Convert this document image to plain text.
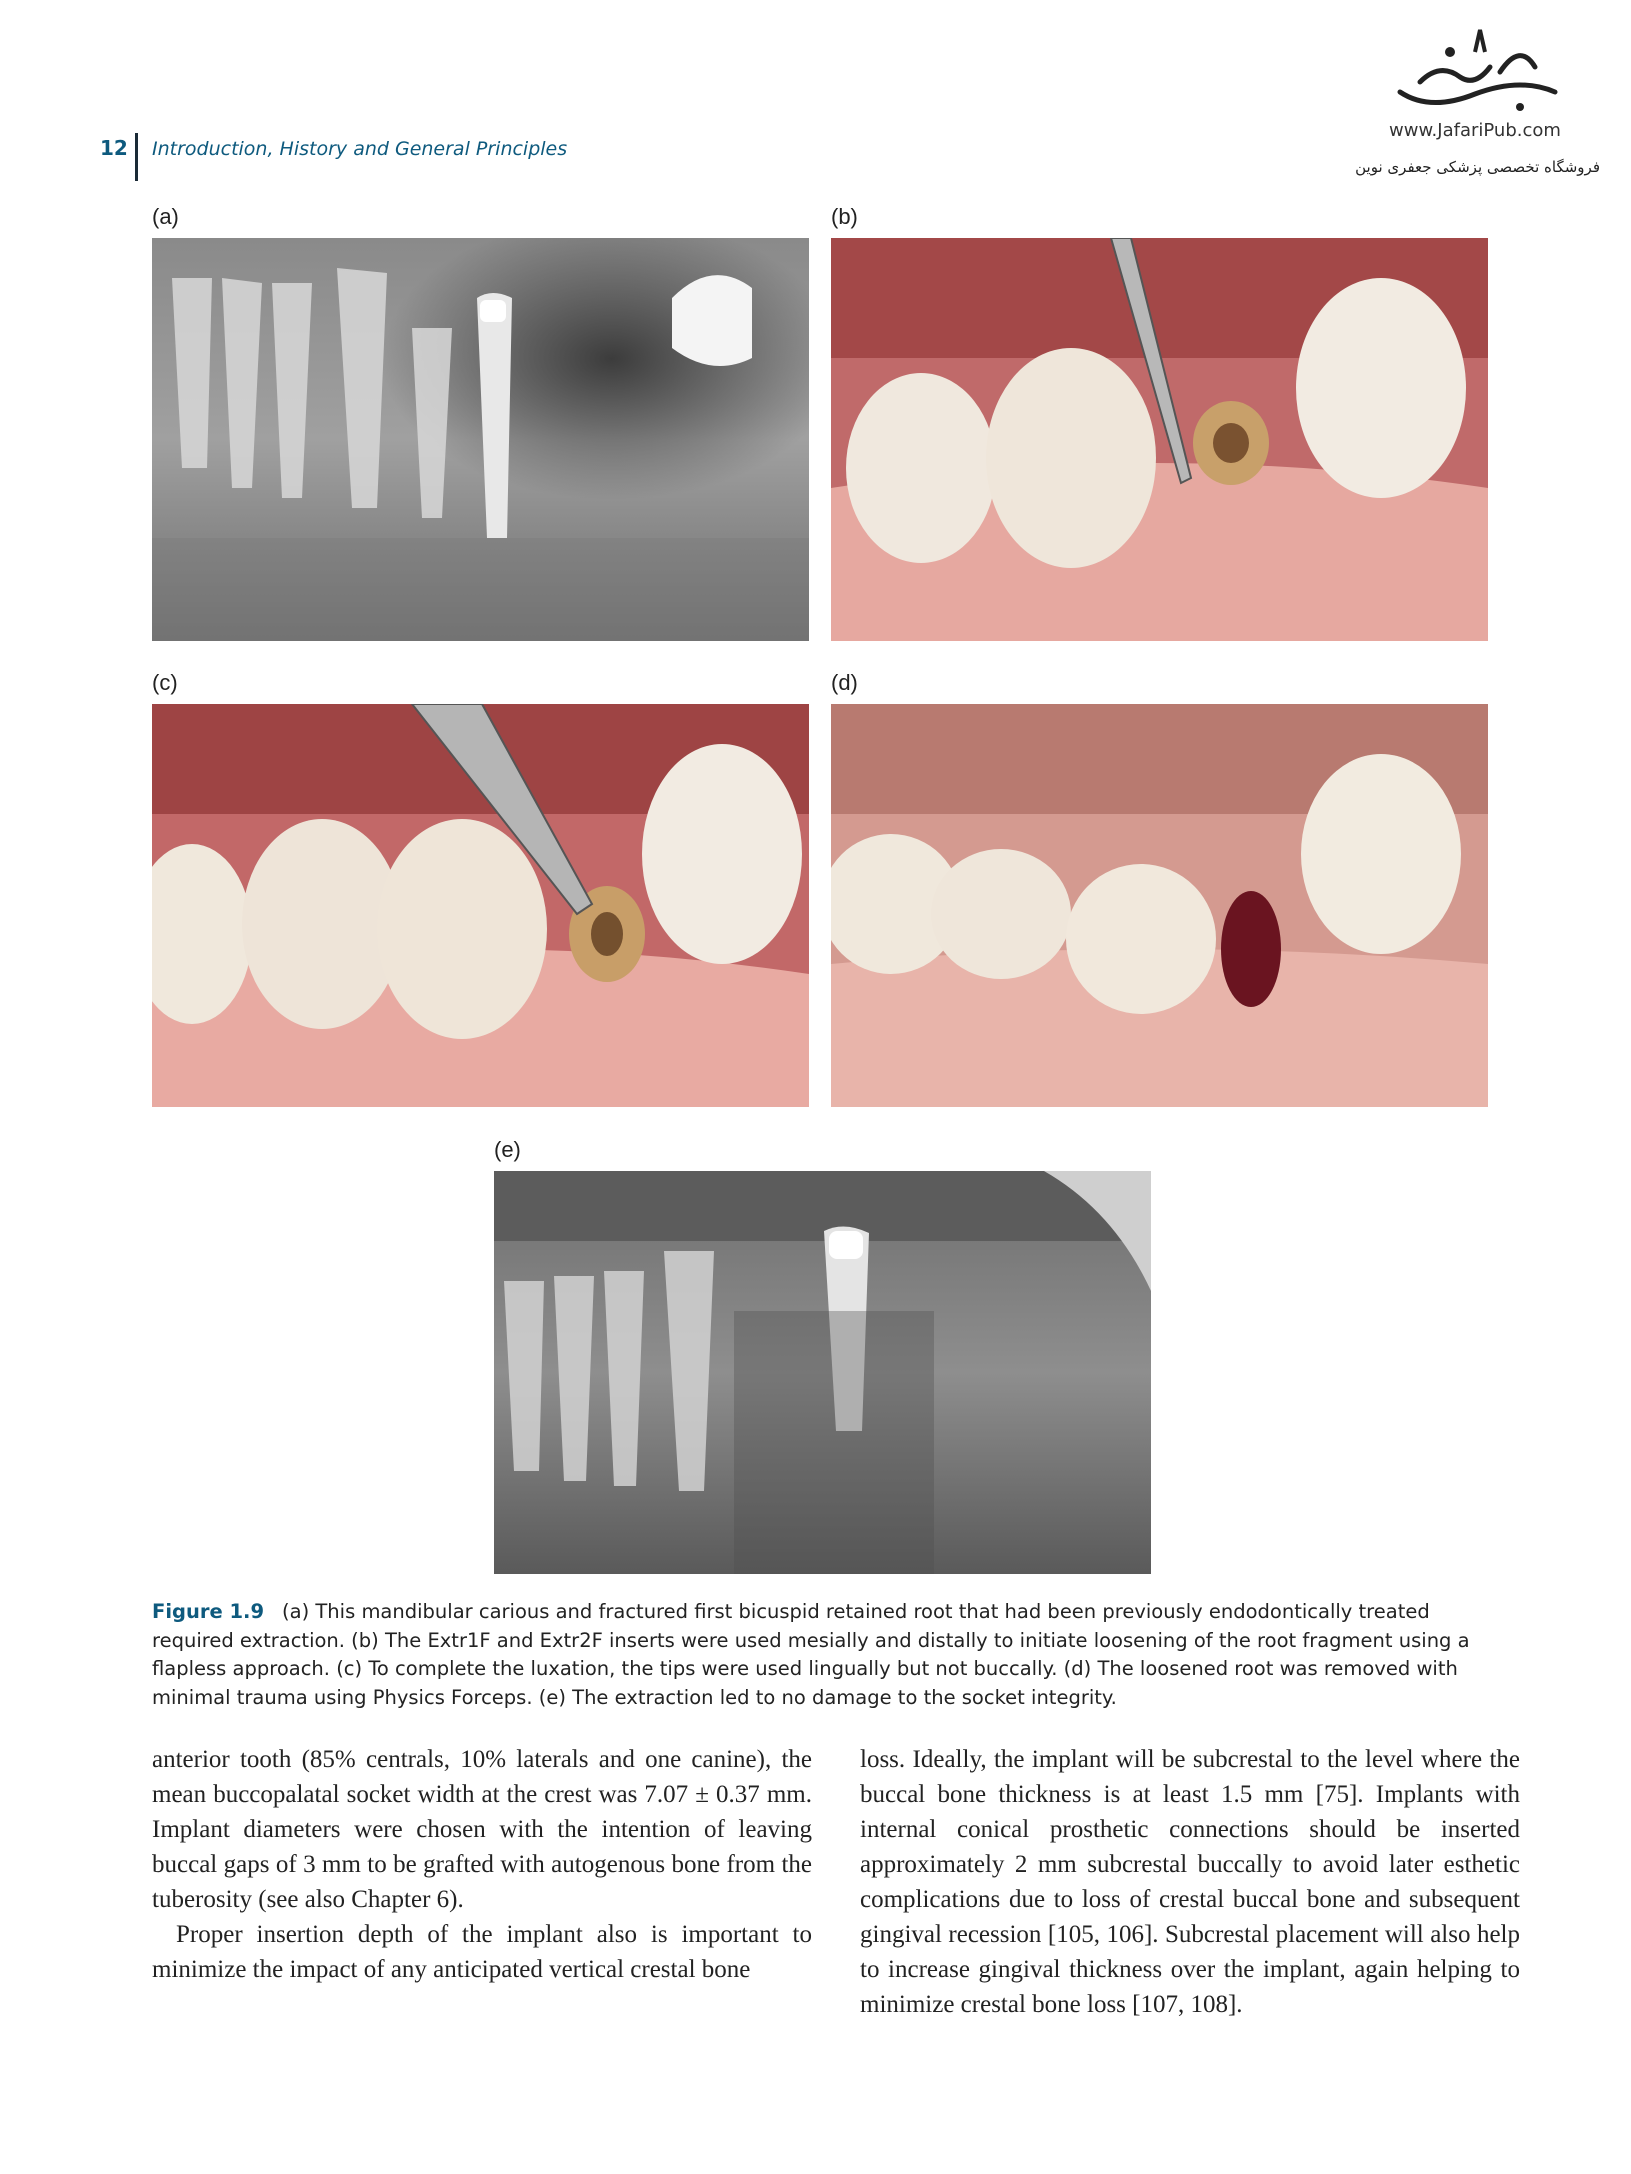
12 Introduction, History and General Principles
www.JafariPub.com
فروشگاه تخصصی پزشکی جعفری نوین
(a)	(b)
(c)	(d)
(e)
Figure 1.9 (a) This mandibular carious and fractured first bicuspid retained root that had been previously endodontically treated required extraction. (b) The Extr1F and Extr2F inserts were used mesially and distally to initiate loosening of the root fragment using a flapless approach. (c) To complete the luxation, the tips were used lingually but not buccally. (d) The loosened root was removed with minimal trauma using Physics Forceps. (e) The extraction led to no damage to the socket integrity.

anterior tooth (85% centrals, 10% laterals and one canine), the mean buccopalatal socket width at the crest was 7.07 ± 0.37 mm. Implant diameters were chosen with the intention of leaving buccal gaps of 3 mm to be grafted with autogenous bone from the tuberosity (see also Chapter 6).

Proper insertion depth of the implant also is important to minimize the impact of any anticipated vertical crestal bone

loss. Ideally, the implant will be subcrestal to the level where the buccal bone thickness is at least 1.5 mm [75]. Implants with internal conical prosthetic connections should be inserted approximately 2 mm subcrestal buccally to avoid later esthetic complications due to loss of crestal buccal bone and subsequent gingival recession [105, 106]. Subcrestal placement will also help to increase gingival thickness over the implant, again helping to minimize crestal bone loss [107, 108].
